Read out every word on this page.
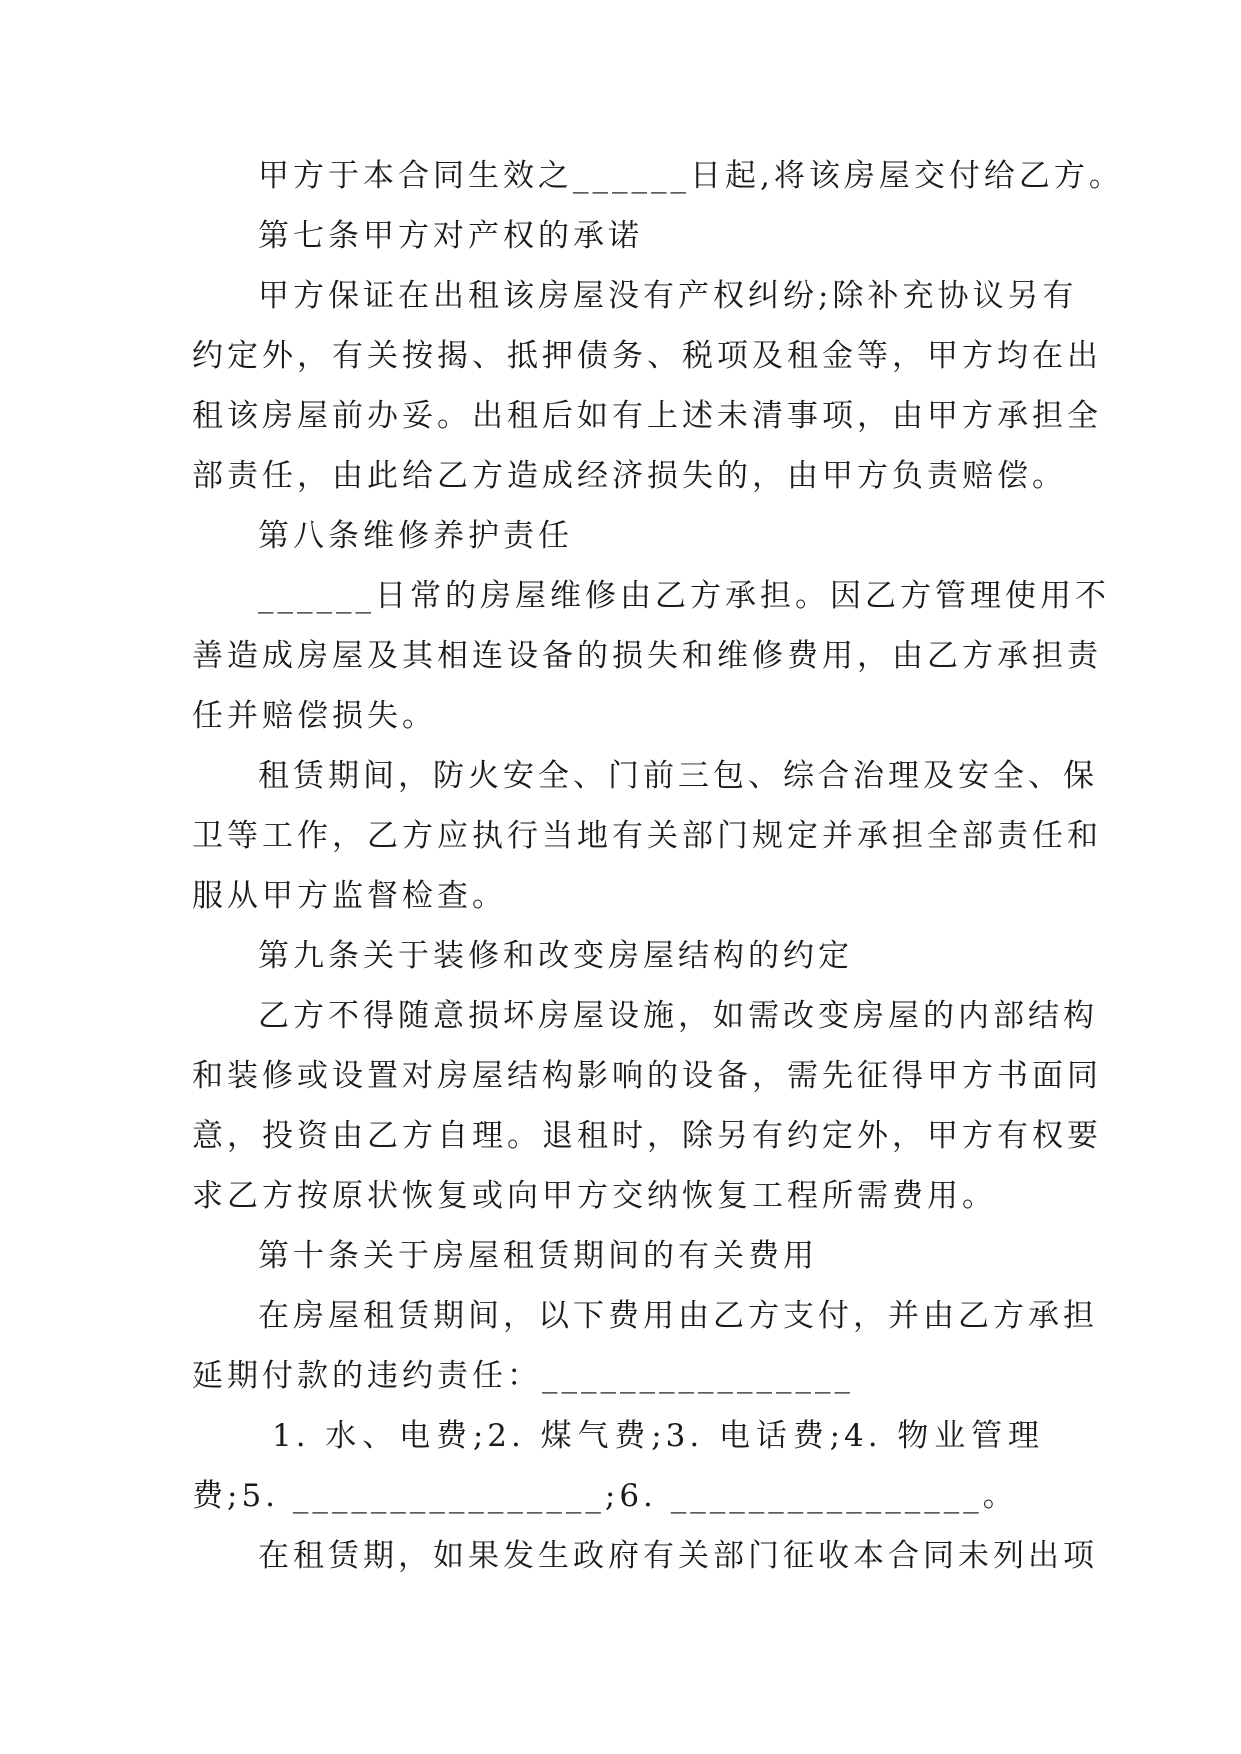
甲方于本合同生效之______日起,将该房屋交付给乙方。
第七条甲方对产权的承诺
甲方保证在出租该房屋没有产权纠纷;除补充协议另有
约定外，有关按揭、抵押债务、税项及租金等，甲方均在出
租该房屋前办妥。出租后如有上述未清事项，由甲方承担全
部责任，由此给乙方造成经济损失的，由甲方负责赔偿。
第八条维修养护责任
______日常的房屋维修由乙方承担。因乙方管理使用不
善造成房屋及其相连设备的损失和维修费用，由乙方承担责
任并赔偿损失。
租赁期间，防火安全、门前三包、综合治理及安全、保
卫等工作，乙方应执行当地有关部门规定并承担全部责任和
服从甲方监督检查。
第九条关于装修和改变房屋结构的约定
乙方不得随意损坏房屋设施，如需改变房屋的内部结构
和装修或设置对房屋结构影响的设备，需先征得甲方书面同
意，投资由乙方自理。退租时，除另有约定外，甲方有权要
求乙方按原状恢复或向甲方交纳恢复工程所需费用。
第十条关于房屋租赁期间的有关费用
在房屋租赁期间，以下费用由乙方支付，并由乙方承担
延期付款的违约责任：________________
1. 水、电费;2. 煤气费;3. 电话费;4. 物业管理
费;5. ________________;6. ________________。
在租赁期，如果发生政府有关部门征收本合同未列出项
